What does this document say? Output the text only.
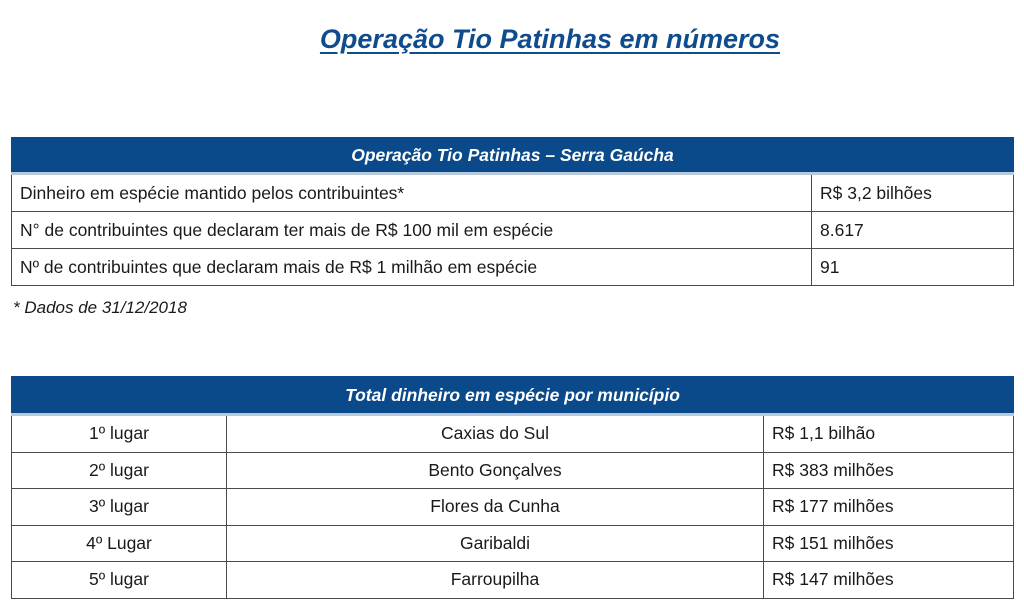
Operação Tio Patinhas em números
Operação Tio Patinhas – Serra Gaúcha	
Dinheiro em espécie mantido pelos contribuintes*	R$ 3,2 bilhões
N° de contribuintes que declaram ter mais de R$ 100 mil em espécie	8.617
Nº de contribuintes que declaram mais de R$ 1 milhão em espécie	91
* Dados de 31/12/2018
Total dinheiro em espécie por município		
1º lugar	Caxias do Sul	R$ 1,1 bilhão
2º lugar	Bento Gonçalves	R$ 383 milhões
3º lugar	Flores da Cunha	R$ 177 milhões
4º Lugar	Garibaldi	R$ 151 milhões
5º lugar	Farroupilha	R$ 147 milhões
